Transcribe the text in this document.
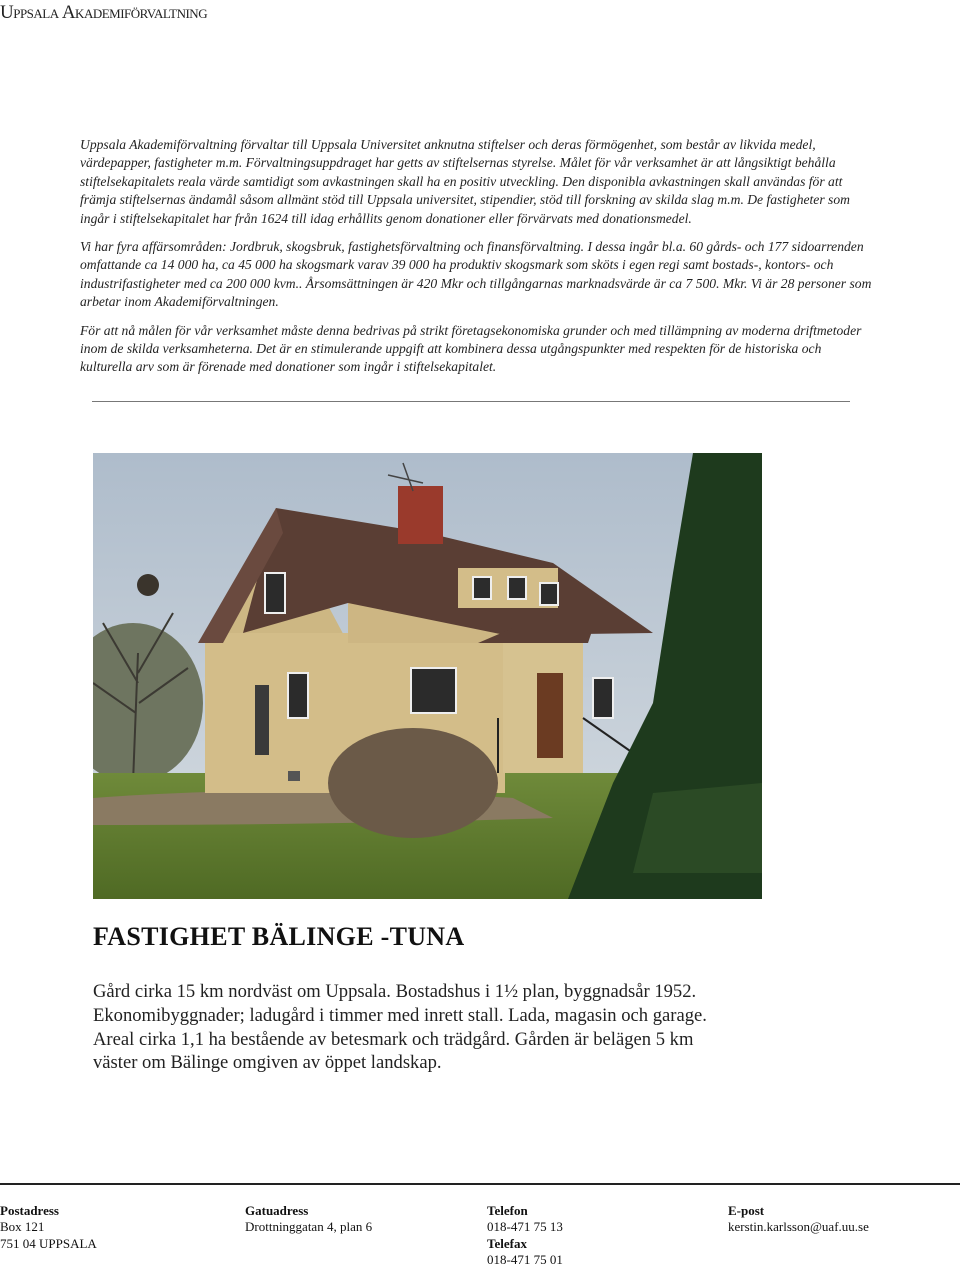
Uppsala Akademiförvaltning

Uppsala Akademiförvaltning förvaltar till Uppsala Universitet anknutna stiftelser och deras förmögenhet, som består av likvida medel, värdepapper, fastigheter m.m. Förvaltningsuppdraget har getts av stiftelsernas styrelse. Målet för vår verksamhet är att långsiktigt behålla stiftelsekapitalets reala värde samtidigt som avkastningen skall ha en positiv utveckling. Den disponibla avkastningen skall användas för att främja stiftelsernas ändamål såsom allmänt stöd till Uppsala universitet, stipendier, stöd till forskning av skilda slag m.m. De fastigheter som ingår i stiftelsekapitalet har från 1624 till idag erhållits genom donationer eller förvärvats med donationsmedel.

Vi har fyra affärsområden: Jordbruk, skogsbruk, fastighetsförvaltning och finansförvaltning. I dessa ingår bl.a. 60 gårds- och 177 sidoarrenden omfattande ca 14 000 ha, ca 45 000 ha skogsmark varav 39 000 ha produktiv skogsmark som sköts i egen regi samt bostads-, kontors- och industrifastigheter med ca 200 000 kvm.. Årsomsättningen är 420 Mkr och tillgångarnas marknadsvärde är ca 7 500. Mkr. Vi är 28 personer som arbetar inom Akademiförvaltningen.

För att nå målen för vår verksamhet måste denna bedrivas på strikt företagsekonomiska grunder och med tillämpning av moderna driftmetoder inom de skilda verksamheterna. Det är en stimulerande uppgift att kombinera dessa utgångspunkter med respekten för de historiska och kulturella arv som är förenade med donationer som ingår i stiftelsekapitalet.

FASTIGHET BÄLINGE -TUNA
Gård cirka 15 km nordväst om Uppsala. Bostadshus i 1½ plan, byggnadsår 1952.
Ekonomibyggnader; ladugård i timmer med inrett stall. Lada, magasin och garage.
Areal cirka 1,1 ha bestående av betesmark och trädgård. Gården är belägen 5 km
väster om Bälinge omgiven av öppet landskap.
Postadress
Box 121
751 04 UPPSALA
Gatuadress
Drottninggatan 4, plan 6
Telefon
018-471 75 13
Telefax
018-471 75 01
E-post
kerstin.karlsson@uaf.uu.se
